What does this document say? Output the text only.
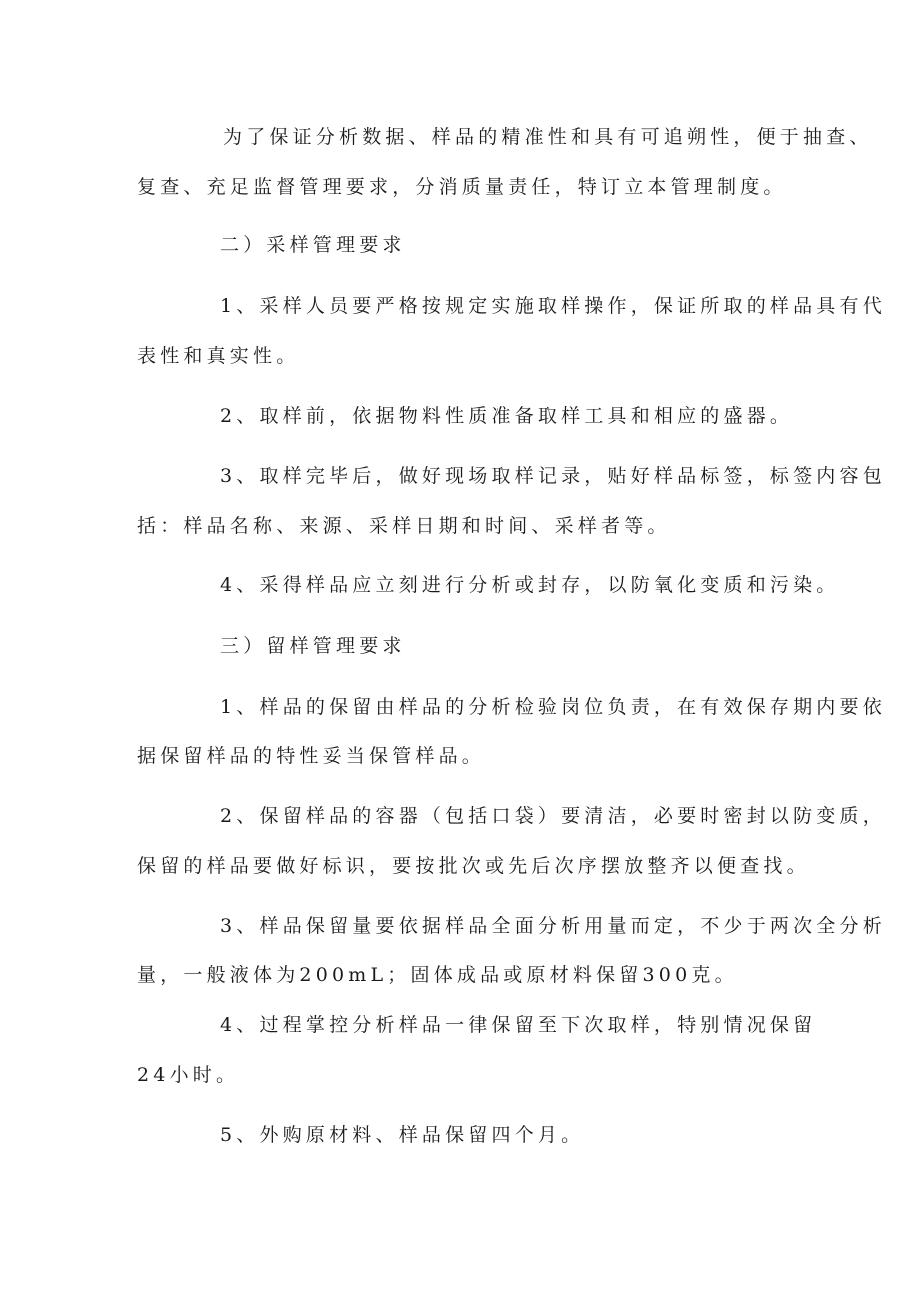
为了保证分析数据、样品的精准性和具有可追朔性，便于抽查、

复查、充足监督管理要求，分消质量责任，特订立本管理制度。

二）采样管理要求

1、采样人员要严格按规定实施取样操作，保证所取的样品具有代

表性和真实性。

2、取样前，依据物料性质准备取样工具和相应的盛器。

3、取样完毕后，做好现场取样记录，贴好样品标签，标签内容包

括：样品名称、来源、采样日期和时间、采样者等。

4、采得样品应立刻进行分析或封存，以防氧化变质和污染。

三）留样管理要求

1、样品的保留由样品的分析检验岗位负责，在有效保存期内要依

据保留样品的特性妥当保管样品。

2、保留样品的容器（包括口袋）要清洁，必要时密封以防变质，

保留的样品要做好标识，要按批次或先后次序摆放整齐以便查找。

3、样品保留量要依据样品全面分析用量而定，不少于两次全分析

量，一般液体为200mL；固体成品或原材料保留300克。

4、过程掌控分析样品一律保留至下次取样，特别情况保留

24小时。

5、外购原材料、样品保留四个月。
